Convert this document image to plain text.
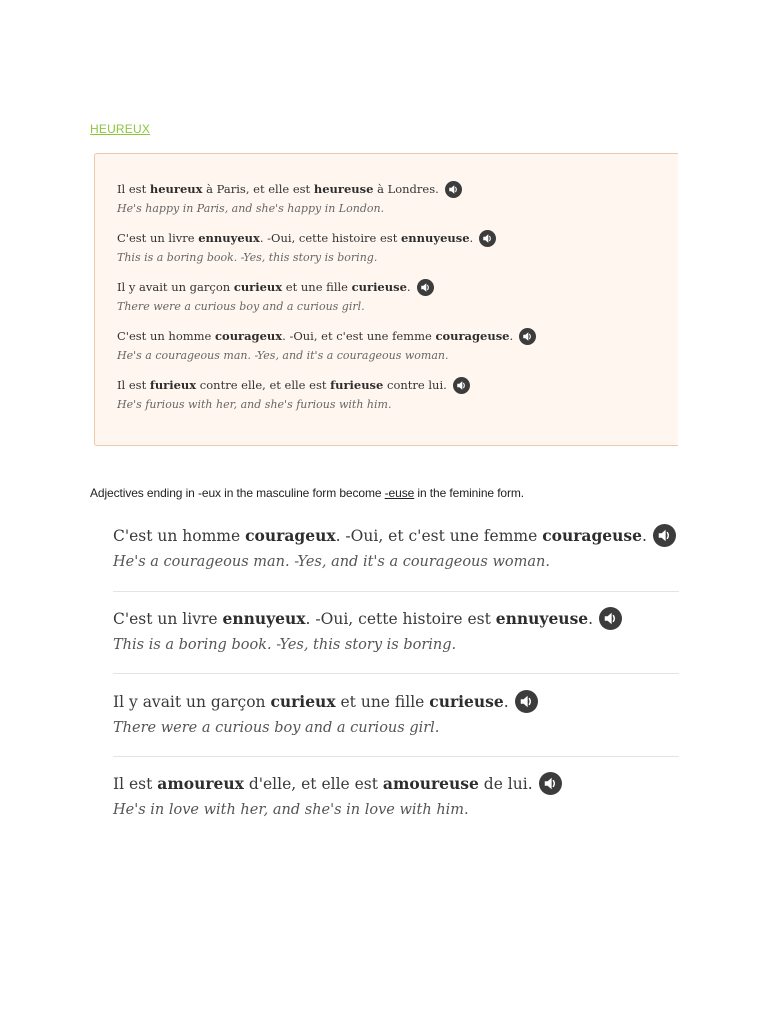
HEUREUX
Il est heureux à Paris, et elle est heureuse à Londres.
He's happy in Paris, and she's happy in London.
C'est un livre ennuyeux. -Oui, cette histoire est ennuyeuse.
This is a boring book. -Yes, this story is boring.
Il y avait un garçon curieux et une fille curieuse.
There were a curious boy and a curious girl.
C'est un homme courageux. -Oui, et c'est une femme courageuse.
He's a courageous man. -Yes, and it's a courageous woman.
Il est furieux contre elle, et elle est furieuse contre lui.
He's furious with her, and she's furious with him.
Adjectives ending in -eux in the masculine form become -euse in the feminine form.
C'est un homme courageux. -Oui, et c'est une femme courageuse.
He's a courageous man. -Yes, and it's a courageous woman.
C'est un livre ennuyeux. -Oui, cette histoire est ennuyeuse.
This is a boring book. -Yes, this story is boring.
Il y avait un garçon curieux et une fille curieuse.
There were a curious boy and a curious girl.
Il est amoureux d'elle, et elle est amoureuse de lui.
He's in love with her, and she's in love with him.
